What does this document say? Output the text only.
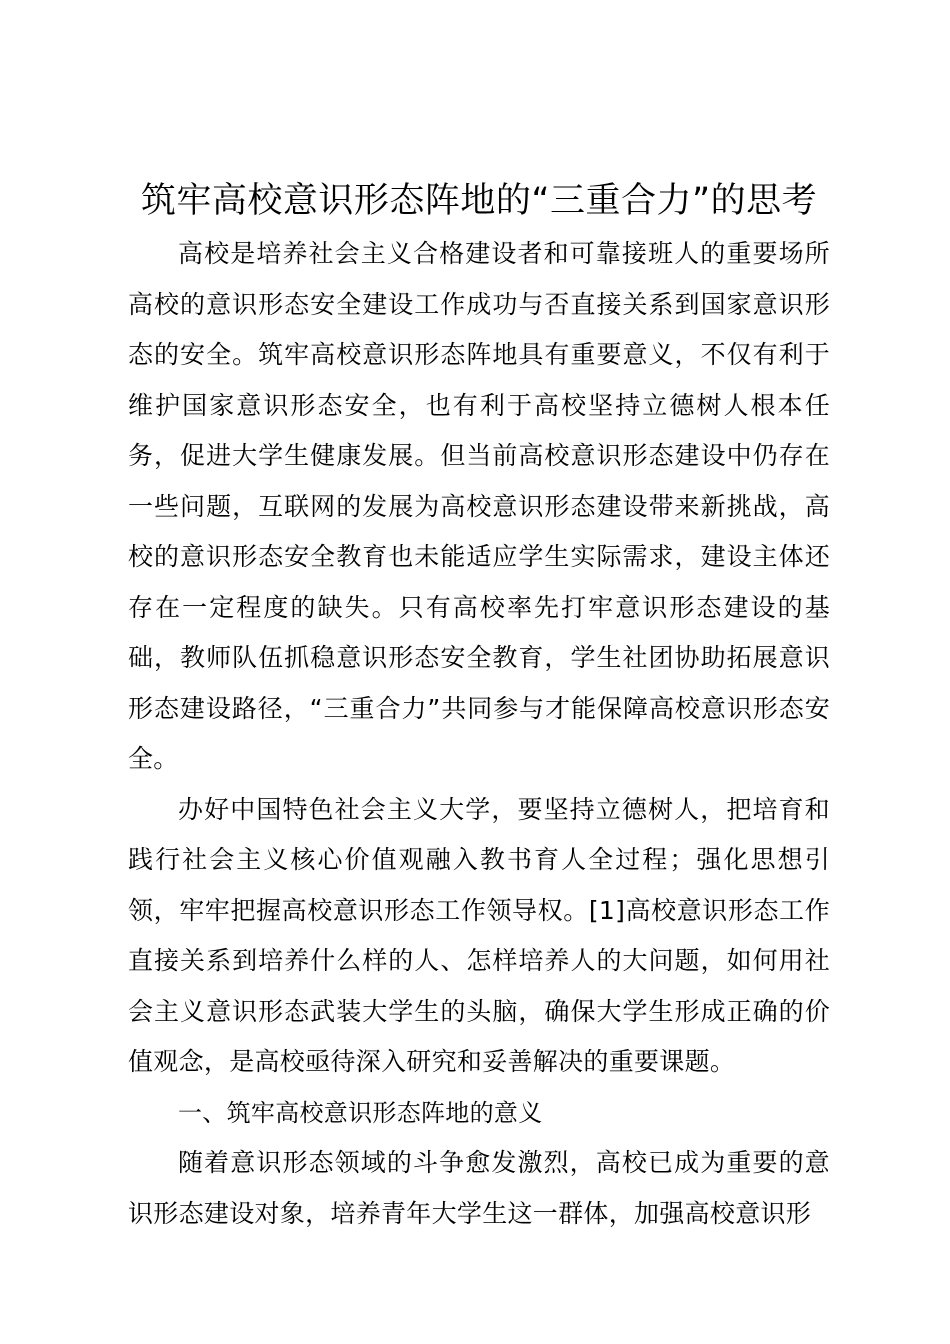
筑牢高校意识形态阵地的“三重合力”的思考

高校是培养社会主义合格建设者和可靠接班人的重要场所高校的意识形态安全建设工作成功与否直接关系到国家意识形态的安全。筑牢高校意识形态阵地具有重要意义，不仅有利于维护国家意识形态安全，也有利于高校坚持立德树人根本任务，促进大学生健康发展。但当前高校意识形态建设中仍存在一些问题，互联网的发展为高校意识形态建设带来新挑战，高校的意识形态安全教育也未能适应学生实际需求，建设主体还存在一定程度的缺失。只有高校率先打牢意识形态建设的基础，教师队伍抓稳意识形态安全教育，学生社团协助拓展意识形态建设路径，“三重合力”共同参与才能保障高校意识形态安全。

办好中国特色社会主义大学，要坚持立德树人，把培育和践行社会主义核心价值观融入教书育人全过程；强化思想引领，牢牢把握高校意识形态工作领导权。[1]高校意识形态工作直接关系到培养什么样的人、怎样培养人的大问题，如何用社会主义意识形态武装大学生的头脑，确保大学生形成正确的价值观念，是高校亟待深入研究和妥善解决的重要课题。

一、筑牢高校意识形态阵地的意义

随着意识形态领域的斗争愈发激烈，高校已成为重要的意识形态建设对象，培养青年大学生这一群体，加强高校意识形
